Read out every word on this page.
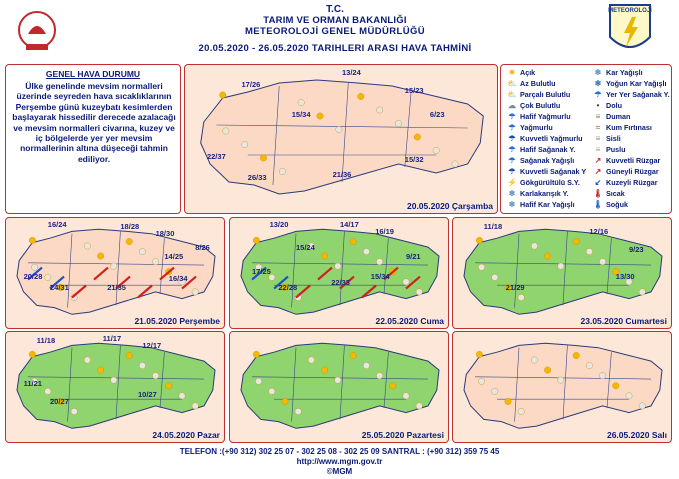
T.C.
TARIM VE ORMAN BAKANLIĞI
METEOROLOJİ GENEL MÜDÜRLÜĞÜ
20.05.2020 - 26.05.2020 TARIHLERI ARASI HAVA TAHMİNİ
METEOROLOJİ
GENEL HAVA DURUMU
Ülke genelinde mevsim normalleri üzerinde seyreden hava sıcaklıklarının Perşembe günü kuzeybatı kesimlerden başlayarak hissedilir derecede azalacağı ve mevsim normalleri civarına, kuzey ve iç bölgelerde yer yer mevsim normallerinin altına düşeceği tahmin ediliyor.
☀ Açık
⛅ Az Bulutlu
⛅ Parçalı Bulutlu
☁ Çok Bulutlu
☂ Hafif Yağmurlu
☂ Yağmurlu
☂ Kuvvetli Yağmurlu
☂ Hafif Sağanak Y.
☂ Sağanak Yağışlı
☂ Kuvvetli Sağanak Y
⚡ Gökgürültülü S.Y.
❄ Karlakarışık Y.
❄ Hafif Kar Yağışlı
❄ Kar Yağışlı
❄ Yoğun Kar Yağışlı
☂ Yer Yer Sağanak Y.
• Dolu
≡ Duman
≈ Kum Fırtınası
≡ Sisli
≡ Puslu
↗ Kuvvetli Rüzgar
↗ Güneyli Rüzgar
↙ Kuzeyli Rüzgar
🌡 Sıcak
🌡 Soğuk
17/26
13/24
15/23
15/34	6/23
22/37
26/33	21/36
15/32
20.05.2020 Çarşamba
16/24	18/28
18/30
20/28
14/25
24/31	21/35
16/34
8/26
21.05.2020 Perşembe
13/20	14/17
16/19
15/24
17/25
22/28	22/33
15/34
9/21
22.05.2020 Cuma
11/18	12/16
9/23
21/29
13/30
23.05.2020 Cumartesi
11/18	11/17
12/17
11/21
20/27
10/27
24.05.2020 Pazar	25.05.2020 Pazartesi	26.05.2020 Salı
TELEFON :(+90 312) 302 25 07 - 302 25 08 - 302 25 09 SANTRAL : (+90 312) 359 75 45
http://www.mgm.gov.tr
©MGM
